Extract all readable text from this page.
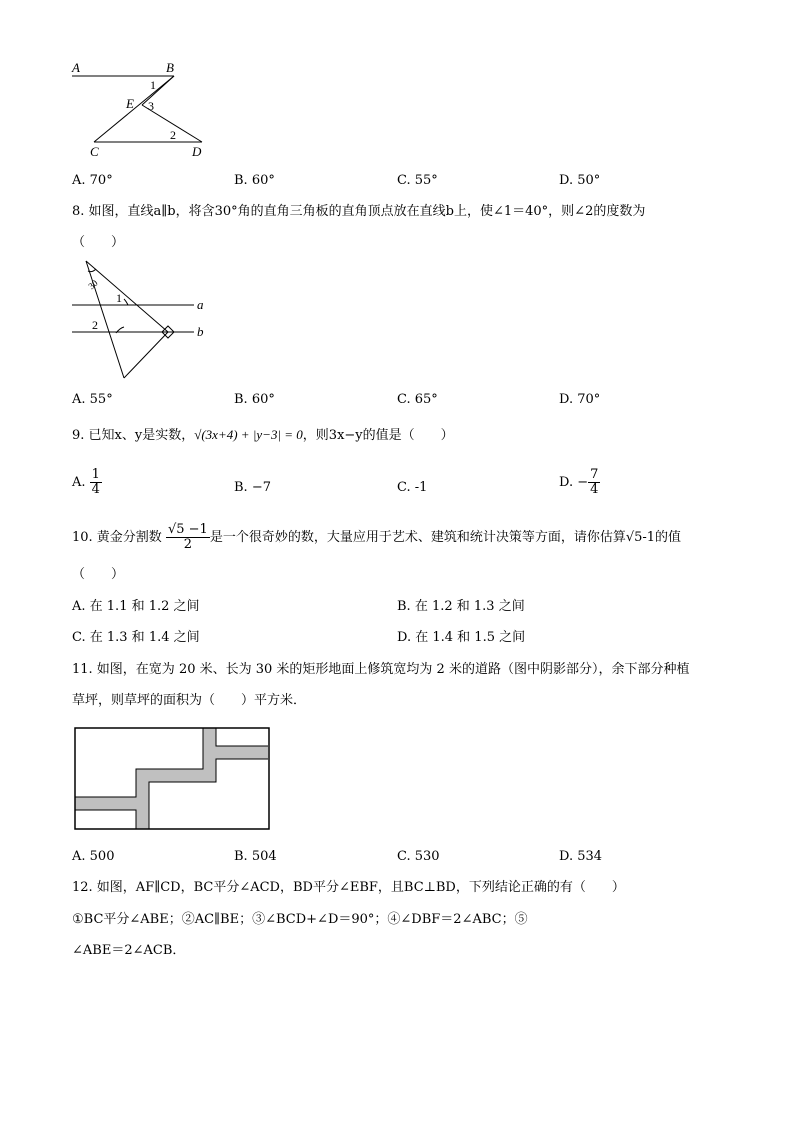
A	B
1
E 3
2
C	D
A. 70°	B. 60°	C. 55°	D. 50°
8. 如图，直线a∥b，将含30°角的直角三角板的直角顶点放在直线b上，使∠1＝40°，则∠2的度数为
（　　）
30
1
2
a
b
A. 55°	B. 60°	C. 65°	D. 70°
9. 已知x、y是实数，√(3x+4) + |y−3| = 0，则3x−y的值是（　　）
A. $\frac{1}{4}$	B. −7	C. -1	D. − $\frac{7}{4}$
10. 黄金分割数 $\frac{√5 -1}{2}$ 是一个很奇妙的数，大量应用于艺术、建筑和统计决策等方面，请你估算√5-1的值
（　　）
A. 在 1.1 和 1.2 之间	B. 在 1.2 和 1.3 之间
C. 在 1.3 和 1.4 之间	D. 在 1.4 和 1.5 之间
11. 如图，在宽为 20 米、长为 30 米的矩形地面上修筑宽均为 2 米的道路（图中阴影部分），余下部分种植
草坪，则草坪的面积为（　　）平方米．
A. 500	B. 504	C. 530	D. 534
12. 如图，AF∥CD，BC平分∠ACD，BD平分∠EBF，且BC⊥BD，下列结论正确的有（　　）
①BC平分∠ABE；②AC∥BE；③∠BCD+∠D＝90°；④∠DBF＝2∠ABC；⑤
∠ABE＝2∠ACB．
